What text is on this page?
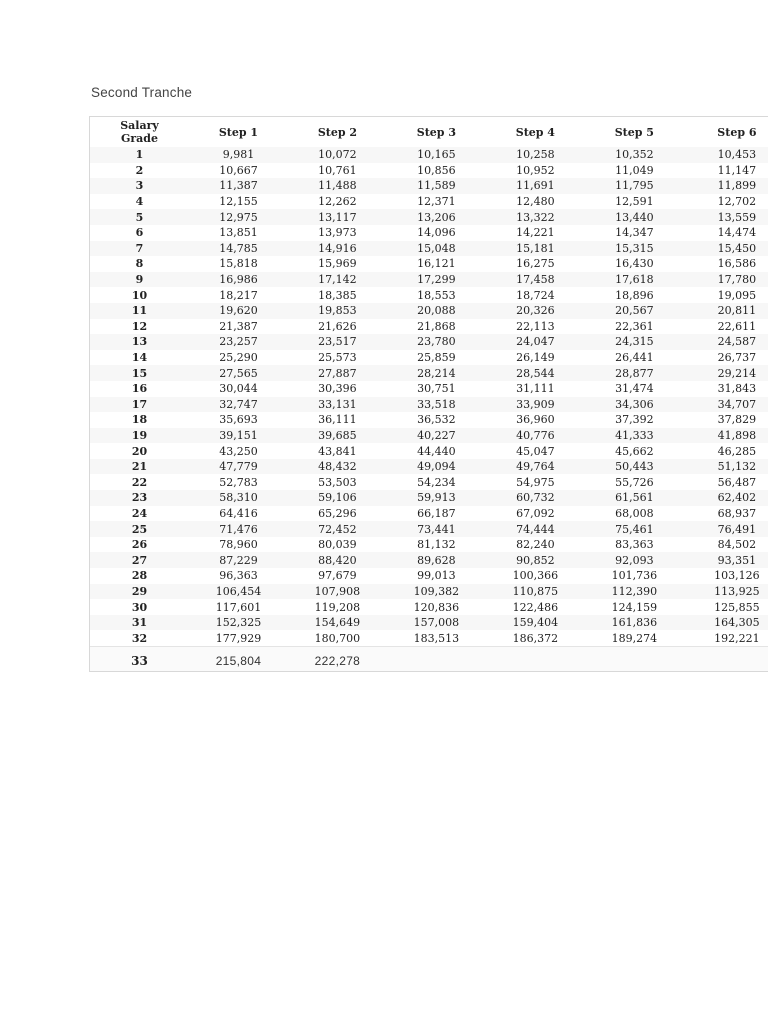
Second Tranche
Salary
Grade	Step 1	Step 2	Step 3	Step 4	Step 5	Step 6
1	9,981	10,072	10,165	10,258	10,352	10,453
2	10,667	10,761	10,856	10,952	11,049	11,147
3	11,387	11,488	11,589	11,691	11,795	11,899
4	12,155	12,262	12,371	12,480	12,591	12,702
5	12,975	13,117	13,206	13,322	13,440	13,559
6	13,851	13,973	14,096	14,221	14,347	14,474
7	14,785	14,916	15,048	15,181	15,315	15,450
8	15,818	15,969	16,121	16,275	16,430	16,586
9	16,986	17,142	17,299	17,458	17,618	17,780
10	18,217	18,385	18,553	18,724	18,896	19,095
11	19,620	19,853	20,088	20,326	20,567	20,811
12	21,387	21,626	21,868	22,113	22,361	22,611
13	23,257	23,517	23,780	24,047	24,315	24,587
14	25,290	25,573	25,859	26,149	26,441	26,737
15	27,565	27,887	28,214	28,544	28,877	29,214
16	30,044	30,396	30,751	31,111	31,474	31,843
17	32,747	33,131	33,518	33,909	34,306	34,707
18	35,693	36,111	36,532	36,960	37,392	37,829
19	39,151	39,685	40,227	40,776	41,333	41,898
20	43,250	43,841	44,440	45,047	45,662	46,285
21	47,779	48,432	49,094	49,764	50,443	51,132
22	52,783	53,503	54,234	54,975	55,726	56,487
23	58,310	59,106	59,913	60,732	61,561	62,402
24	64,416	65,296	66,187	67,092	68,008	68,937
25	71,476	72,452	73,441	74,444	75,461	76,491
26	78,960	80,039	81,132	82,240	83,363	84,502
27	87,229	88,420	89,628	90,852	92,093	93,351
28	96,363	97,679	99,013	100,366	101,736	103,126
29	106,454	107,908	109,382	110,875	112,390	113,925
30	117,601	119,208	120,836	122,486	124,159	125,855
31	152,325	154,649	157,008	159,404	161,836	164,305
32	177,929	180,700	183,513	186,372	189,274	192,221
33	215,804	222,278				
